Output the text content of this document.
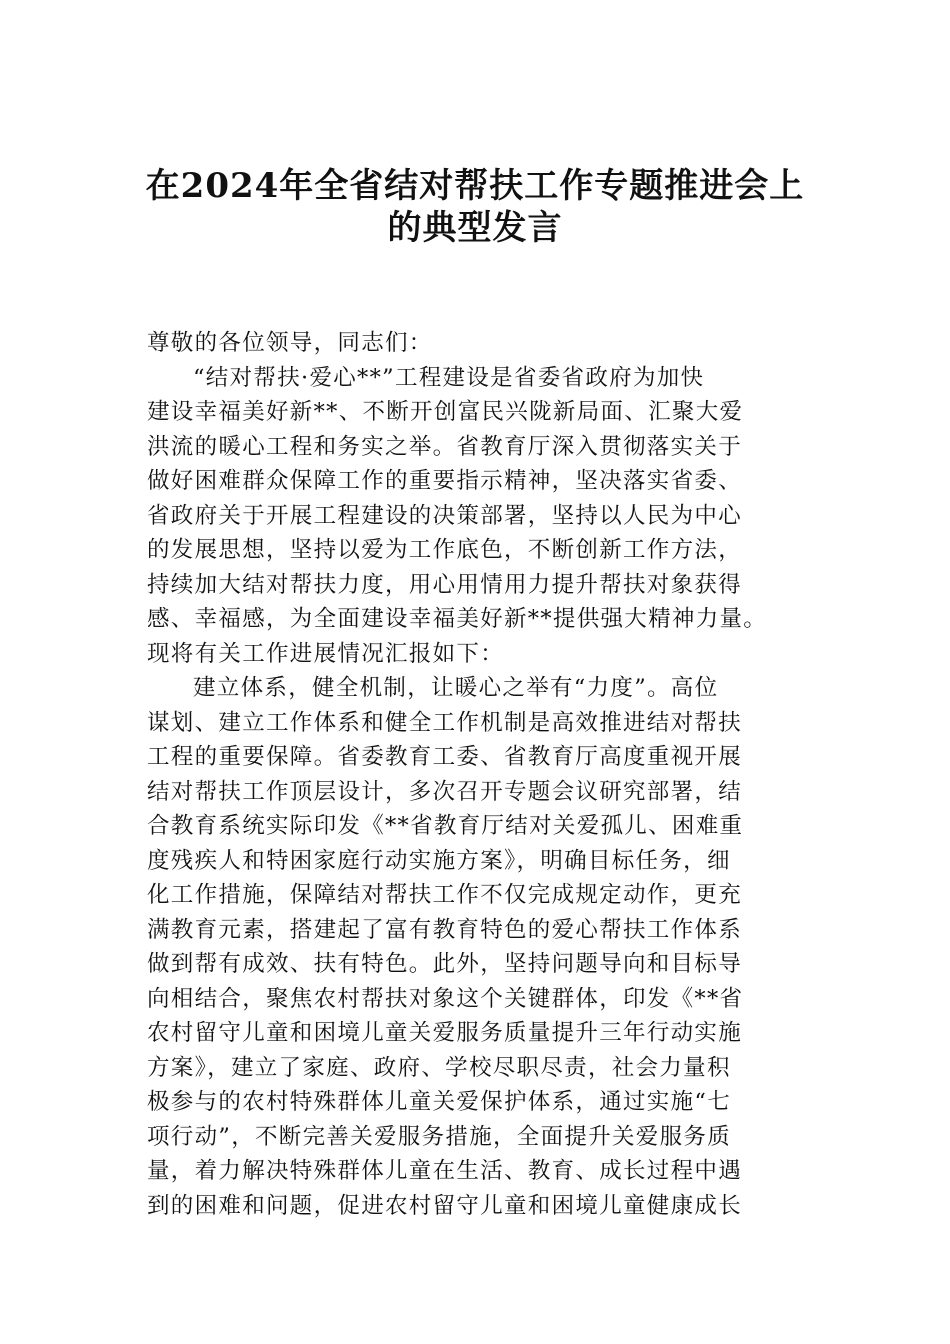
在2024年全省结对帮扶工作专题推进会上
的典型发言
尊敬的各位领导，同志们：
“结对帮扶·爱心**”工程建设是省委省政府为加快
建设幸福美好新**、不断开创富民兴陇新局面、汇聚大爱
洪流的暖心工程和务实之举。省教育厅深入贯彻落实关于
做好困难群众保障工作的重要指示精神，坚决落实省委、
省政府关于开展工程建设的决策部署，坚持以人民为中心
的发展思想，坚持以爱为工作底色，不断创新工作方法，
持续加大结对帮扶力度，用心用情用力提升帮扶对象获得
感、幸福感，为全面建设幸福美好新**提供强大精神力量。
现将有关工作进展情况汇报如下：
建立体系，健全机制，让暖心之举有“力度”。高位
谋划、建立工作体系和健全工作机制是高效推进结对帮扶
工程的重要保障。省委教育工委、省教育厅高度重视开展
结对帮扶工作顶层设计，多次召开专题会议研究部署，结
合教育系统实际印发《**省教育厅结对关爱孤儿、困难重
度残疾人和特困家庭行动实施方案》，明确目标任务，细
化工作措施，保障结对帮扶工作不仅完成规定动作，更充
满教育元素，搭建起了富有教育特色的爱心帮扶工作体系
做到帮有成效、扶有特色。此外，坚持问题导向和目标导
向相结合，聚焦农村帮扶对象这个关键群体，印发《**省
农村留守儿童和困境儿童关爱服务质量提升三年行动实施
方案》，建立了家庭、政府、学校尽职尽责，社会力量积
极参与的农村特殊群体儿童关爱保护体系，通过实施“七
项行动”，不断完善关爱服务措施，全面提升关爱服务质
量，着力解决特殊群体儿童在生活、教育、成长过程中遇
到的困难和问题，促进农村留守儿童和困境儿童健康成长
